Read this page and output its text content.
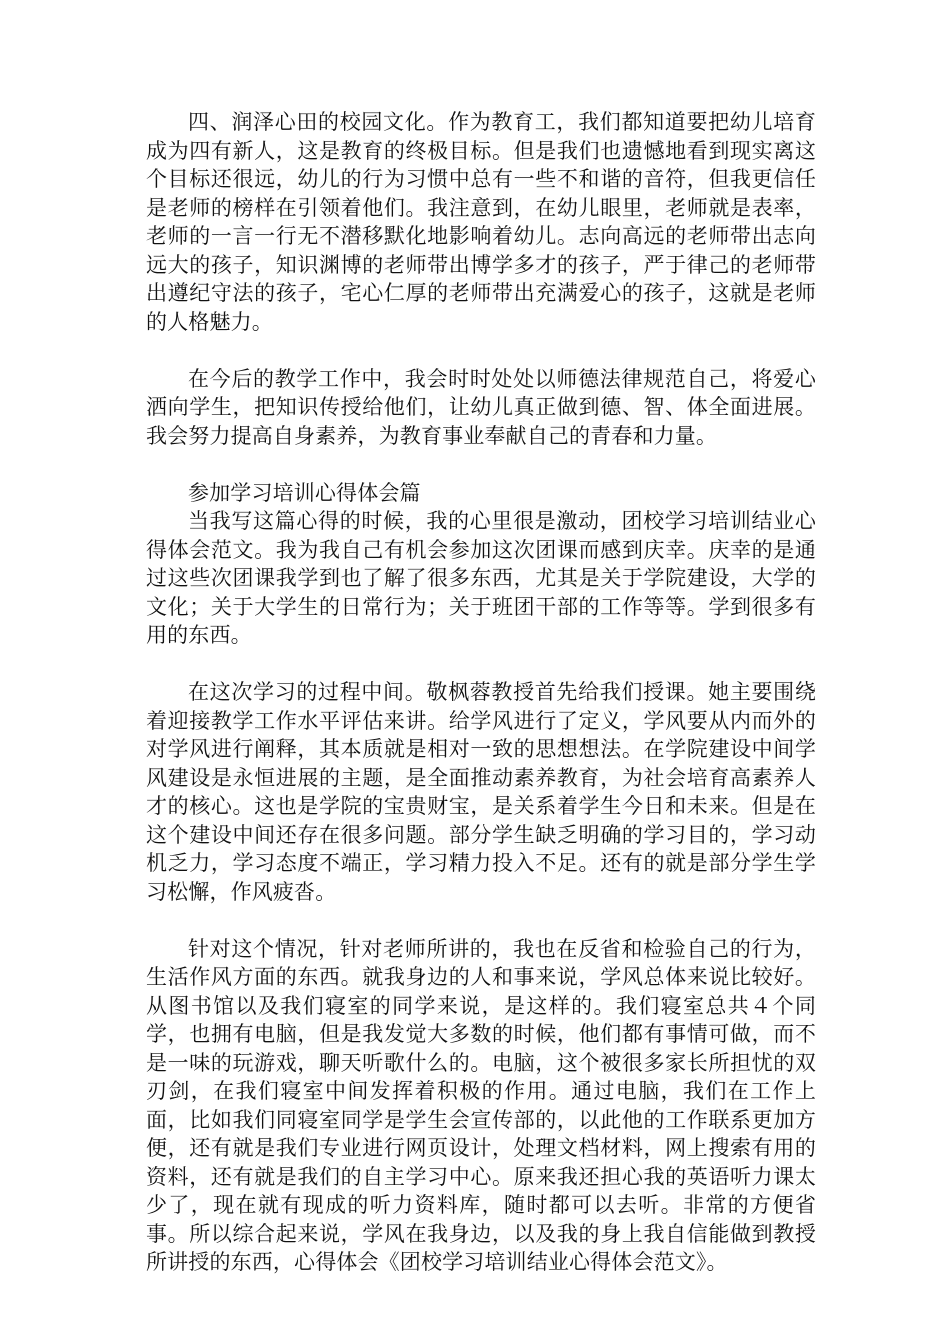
四、润泽心田的校园文化。作为教育工，我们都知道要把幼儿培育成为四有新人，这是教育的终极目标。但是我们也遗憾地看到现实离这个目标还很远，幼儿的行为习惯中总有一些不和谐的音符，但我更信任是老师的榜样在引领着他们。我注意到，在幼儿眼里，老师就是表率，老师的一言一行无不潜移默化地影响着幼儿。志向高远的老师带出志向远大的孩子，知识渊博的老师带出博学多才的孩子，严于律己的老师带出遵纪守法的孩子，宅心仁厚的老师带出充满爱心的孩子，这就是老师的人格魅力。

在今后的教学工作中，我会时时处处以师德法律规范自己，将爱心洒向学生，把知识传授给他们，让幼儿真正做到德、智、体全面进展。我会努力提高自身素养，为教育事业奉献自己的青春和力量。

参加学习培训心得体会篇

当我写这篇心得的时候，我的心里很是激动，团校学习培训结业心得体会范文。我为我自己有机会参加这次团课而感到庆幸。庆幸的是通过这些次团课我学到也了解了很多东西，尤其是关于学院建设，大学的文化；关于大学生的日常行为；关于班团干部的工作等等。学到很多有用的东西。

在这次学习的过程中间。敬枫蓉教授首先给我们授课。她主要围绕着迎接教学工作水平评估来讲。给学风进行了定义，学风要从内而外的对学风进行阐释，其本质就是相对一致的思想想法。在学院建设中间学风建设是永恒进展的主题，是全面推动素养教育，为社会培育高素养人才的核心。这也是学院的宝贵财宝，是关系着学生今日和未来。但是在这个建设中间还存在很多问题。部分学生缺乏明确的学习目的，学习动机乏力，学习态度不端正，学习精力投入不足。还有的就是部分学生学习松懈，作风疲沓。

针对这个情况，针对老师所讲的，我也在反省和检验自己的行为，生活作风方面的东西。就我身边的人和事来说，学风总体来说比较好。从图书馆以及我们寝室的同学来说，是这样的。我们寝室总共４个同学，也拥有电脑，但是我发觉大多数的时候，他们都有事情可做，而不是一味的玩游戏，聊天听歌什么的。电脑，这个被很多家长所担忧的双刃剑，在我们寝室中间发挥着积极的作用。通过电脑，我们在工作上面，比如我们同寝室同学是学生会宣传部的，以此他的工作联系更加方便，还有就是我们专业进行网页设计，处理文档材料，网上搜索有用的资料，还有就是我们的自主学习中心。原来我还担心我的英语听力课太少了，现在就有现成的听力资料库，随时都可以去听。非常的方便省事。所以综合起来说，学风在我身边，以及我的身上我自信能做到教授所讲授的东西，心得体会《团校学习培训结业心得体会范文》。
